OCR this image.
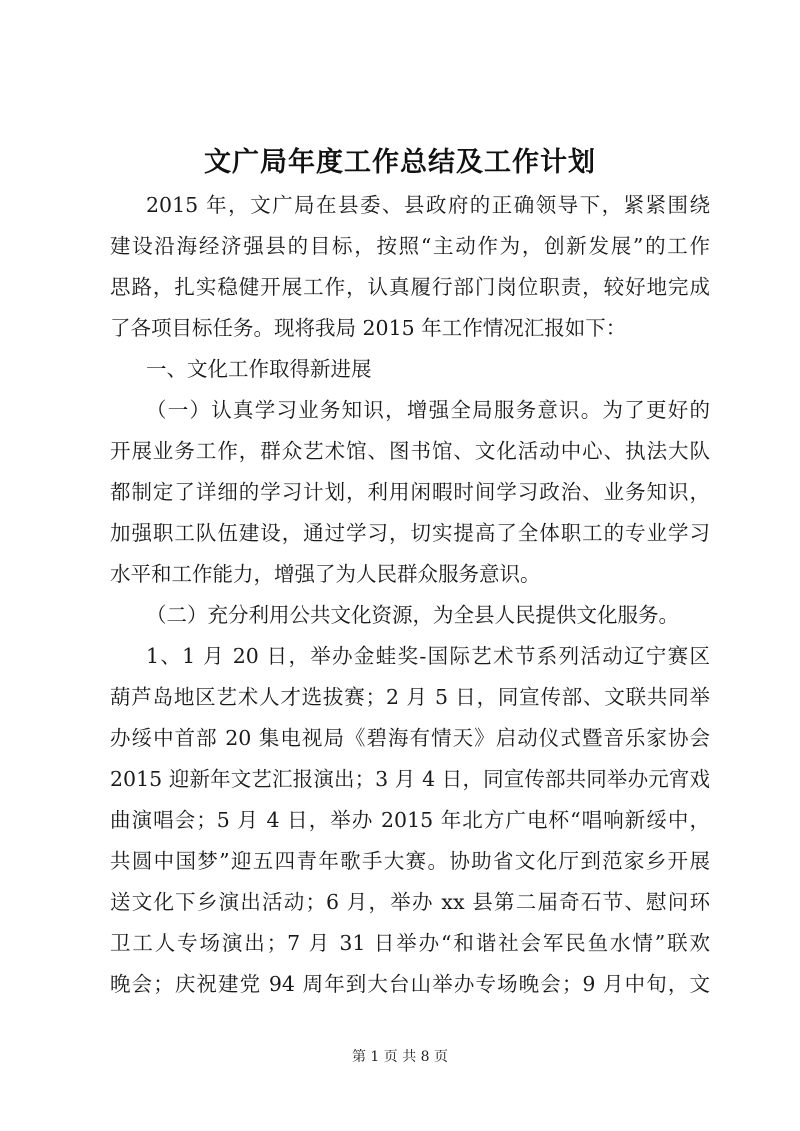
文广局年度工作总结及工作计划
2015 年，文广局在县委、县政府的正确领导下，紧紧围绕
建设沿海经济强县的目标，按照“主动作为，创新发展”的工作
思路，扎实稳健开展工作，认真履行部门岗位职责，较好地完成
了各项目标任务。现将我局 2015 年工作情况汇报如下：
一、文化工作取得新进展
（一）认真学习业务知识，增强全局服务意识。为了更好的
开展业务工作，群众艺术馆、图书馆、文化活动中心、执法大队
都制定了详细的学习计划，利用闲暇时间学习政治、业务知识，
加强职工队伍建设，通过学习，切实提高了全体职工的专业学习
水平和工作能力，增强了为人民群众服务意识。
（二）充分利用公共文化资源，为全县人民提供文化服务。
1、1 月 20 日，举办金蛙奖-国际艺术节系列活动辽宁赛区
葫芦岛地区艺术人才选拔赛；2 月 5 日，同宣传部、文联共同举
办绥中首部 20 集电视局《碧海有情天》启动仪式暨音乐家协会
2015 迎新年文艺汇报演出；3 月 4 日，同宣传部共同举办元宵戏
曲演唱会；5 月 4 日，举办 2015 年北方广电杯“唱响新绥中，
共圆中国梦”迎五四青年歌手大赛。协助省文化厅到范家乡开展
送文化下乡演出活动；6 月，举办 xx 县第二届奇石节、慰问环
卫工人专场演出；7 月 31 日举办“和谐社会军民鱼水情”联欢
晚会；庆祝建党 94 周年到大台山举办专场晚会；9 月中旬，文
第 1 页 共 8 页
